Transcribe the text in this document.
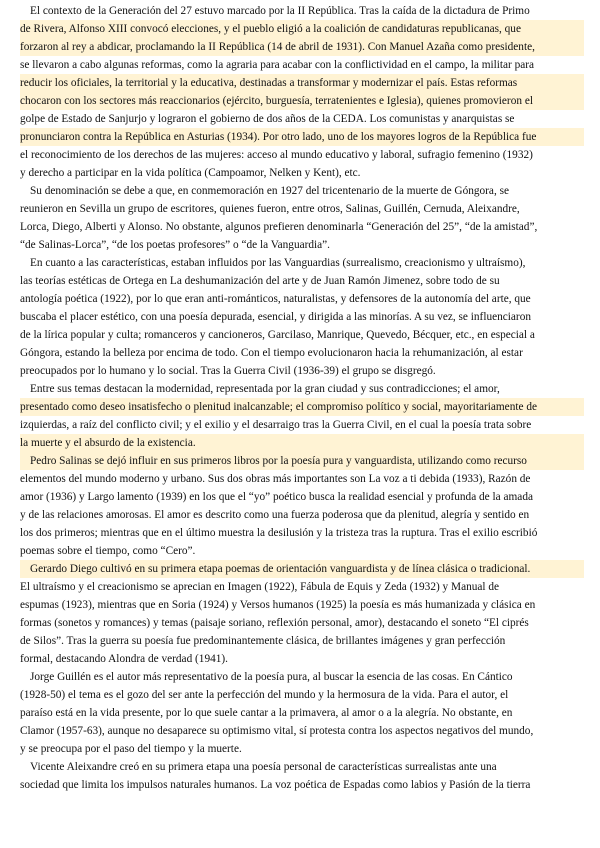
El contexto de la Generación del 27 estuvo marcado por la II República. Tras la caída de la dictadura de Primo
de Rivera, Alfonso XIII convocó elecciones, y el pueblo eligió a la coalición de candidaturas republicanas, que
forzaron al rey a abdicar, proclamando la II República (14 de abril de 1931). Con Manuel Azaña como presidente,
se llevaron a cabo algunas reformas, como la agraria para acabar con la conflictividad en el campo, la militar para
reducir los oficiales, la territorial y la educativa, destinadas a transformar y modernizar el país. Estas reformas
chocaron con los sectores más reaccionarios (ejército, burguesía, terratenientes e Iglesia), quienes promovieron el
golpe de Estado de Sanjurjo y lograron el gobierno de dos años de la CEDA. Los comunistas y anarquistas se
pronunciaron contra la República en Asturias (1934). Por otro lado, uno de los mayores logros de la República fue
el reconocimiento de los derechos de las mujeres: acceso al mundo educativo y laboral, sufragio femenino (1932)
y derecho a participar en la vida política (Campoamor, Nelken y Kent), etc.
Su denominación se debe a que, en conmemoración en 1927 del tricentenario de la muerte de Góngora, se
reunieron en Sevilla un grupo de escritores, quienes fueron, entre otros, Salinas, Guillén, Cernuda, Aleixandre,
Lorca, Diego, Alberti y Alonso. No obstante, algunos prefieren denominarla “Generación del 25”, “de la amistad”,
“de Salinas-Lorca”, “de los poetas profesores” o “de la Vanguardia”.
En cuanto a las características, estaban influidos por las Vanguardias (surrealismo, creacionismo y ultraísmo),
las teorías estéticas de Ortega en La deshumanización del arte y de Juan Ramón Jimenez, sobre todo de su
antología poética (1922), por lo que eran anti-románticos, naturalistas, y defensores de la autonomía del arte, que
buscaba el placer estético, con una poesía depurada, esencial, y dirigida a las minorías. A su vez, se influenciaron
de la lírica popular y culta; romanceros y cancioneros, Garcilaso, Manrique, Quevedo, Bécquer, etc., en especial a
Góngora, estando la belleza por encima de todo. Con el tiempo evolucionaron hacia la rehumanización, al estar
preocupados por lo humano y lo social. Tras la Guerra Civil (1936-39) el grupo se disgregó.
Entre sus temas destacan la modernidad, representada por la gran ciudad y sus contradicciones; el amor,
presentado como deseo insatisfecho o plenitud inalcanzable; el compromiso político y social, mayoritariamente de
izquierdas, a raíz del conflicto civil; y el exilio y el desarraigo tras la Guerra Civil, en el cual la poesía trata sobre
la muerte y el absurdo de la existencia.
Pedro Salinas se dejó influir en sus primeros libros por la poesía pura y vanguardista, utilizando como recurso
elementos del mundo moderno y urbano. Sus dos obras más importantes son La voz a ti debida (1933), Razón de
amor (1936) y Largo lamento (1939) en los que el “yo” poético busca la realidad esencial y profunda de la amada
y de las relaciones amorosas. El amor es descrito como una fuerza poderosa que da plenitud, alegría y sentido en
los dos primeros; mientras que en el último muestra la desilusión y la tristeza tras la ruptura. Tras el exilio escribió
poemas sobre el tiempo, como “Cero”.
Gerardo Diego cultivó en su primera etapa poemas de orientación vanguardista y de línea clásica o tradicional.
El ultraísmo y el creacionismo se aprecian en Imagen (1922), Fábula de Equis y Zeda (1932) y Manual de
espumas (1923), mientras que en Soria (1924) y Versos humanos (1925) la poesía es más humanizada y clásica en
formas (sonetos y romances) y temas (paisaje soriano, reflexión personal, amor), destacando el soneto “El ciprés
de Silos”. Tras la guerra su poesía fue predominantemente clásica, de brillantes imágenes y gran perfección
formal, destacando Alondra de verdad (1941).
Jorge Guillén es el autor más representativo de la poesía pura, al buscar la esencia de las cosas. En Cántico
(1928-50) el tema es el gozo del ser ante la perfección del mundo y la hermosura de la vida. Para el autor, el
paraíso está en la vida presente, por lo que suele cantar a la primavera, al amor o a la alegría. No obstante, en
Clamor (1957-63), aunque no desaparece su optimismo vital, sí protesta contra los aspectos negativos del mundo,
y se preocupa por el paso del tiempo y la muerte.
Vicente Aleixandre creó en su primera etapa una poesía personal de características surrealistas ante una
sociedad que limita los impulsos naturales humanos. La voz poética de Espadas como labios y Pasión de la tierra
